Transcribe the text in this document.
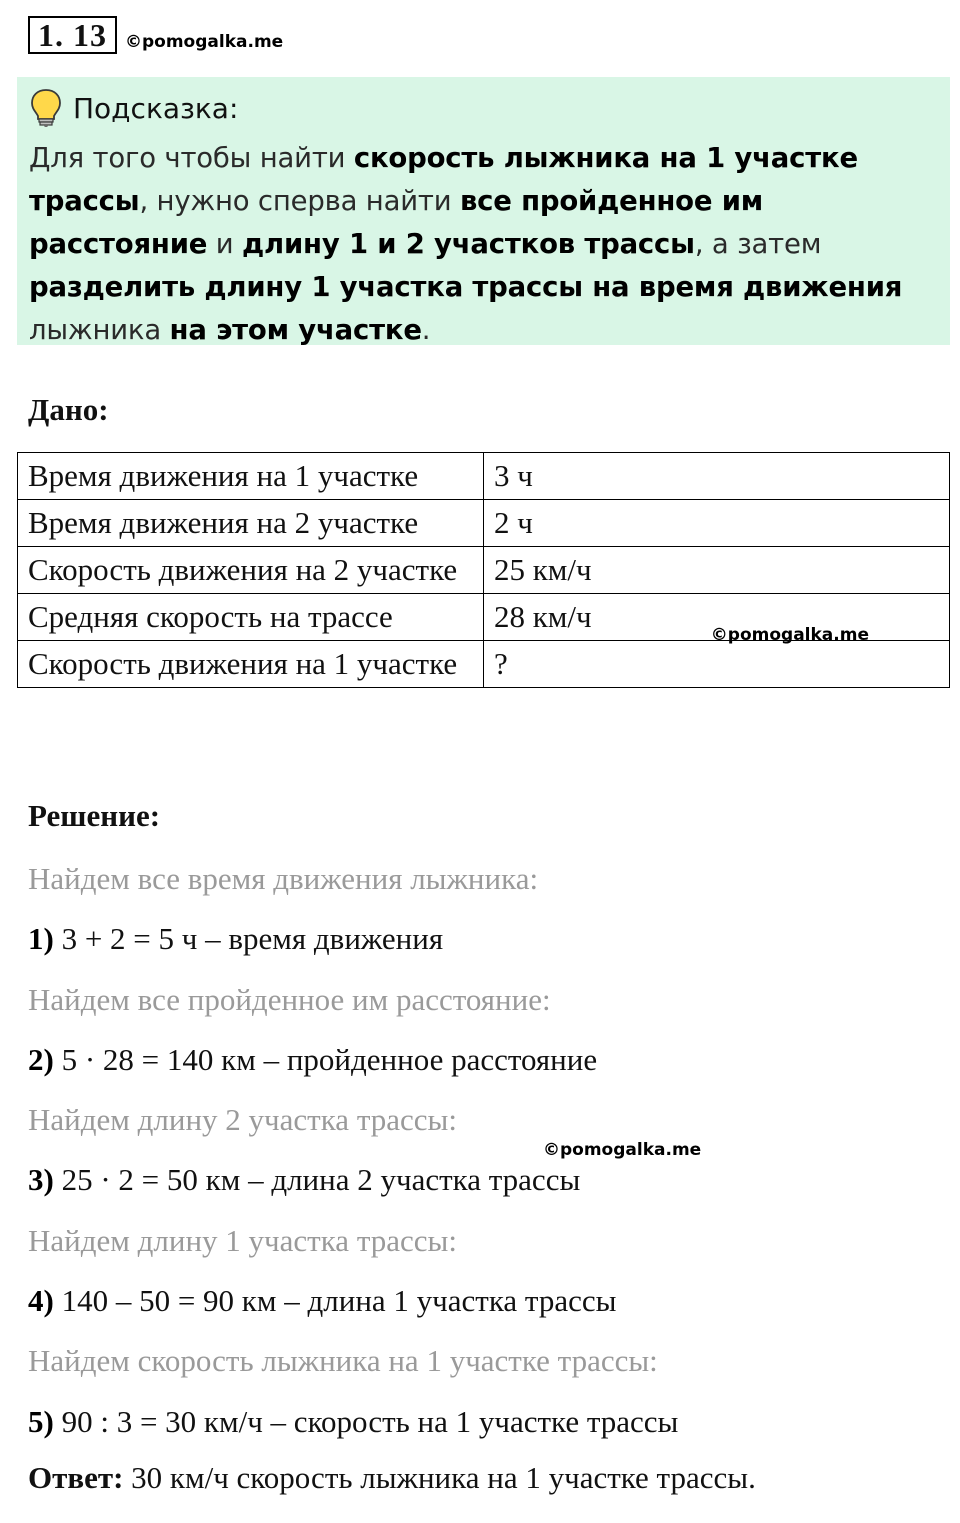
1. 13	©pomogalka.me
Подсказка:
Для того чтобы найти скорость лыжника на 1 участке трассы, нужно сперва найти все пройденное им расстояние и длину 1 и 2 участков трассы, а затем разделить длину 1 участка трассы на время движения лыжника на этом участке.
Дано:
Время движения на 1 участке	3 ч
Время движения на 2 участке	2 ч
Скорость движения на 2 участке	25 км/ч
Средняя скорость на трассе	28 км/ч
©pomogalka.me

Скорость движения на 1 участке	?
Решение:
Найдем все время движения лыжника:
1) 3 + 2 = 5 ч – время движения
Найдем все пройденное им расстояние:
2) 5 · 28 = 140 км – пройденное расстояние
Найдем длину 2 участка трассы:
3) 25 · 2 = 50 км – длина 2 участка трассы
Найдем длину 1 участка трассы:
4) 140 – 50 = 90 км – длина 1 участка трассы
Найдем скорость лыжника на 1 участке трассы:
5) 90 : 3 = 30 км/ч – скорость на 1 участке трассы
©pomogalka.me
Ответ: 30 км/ч скорость лыжника на 1 участке трассы.
